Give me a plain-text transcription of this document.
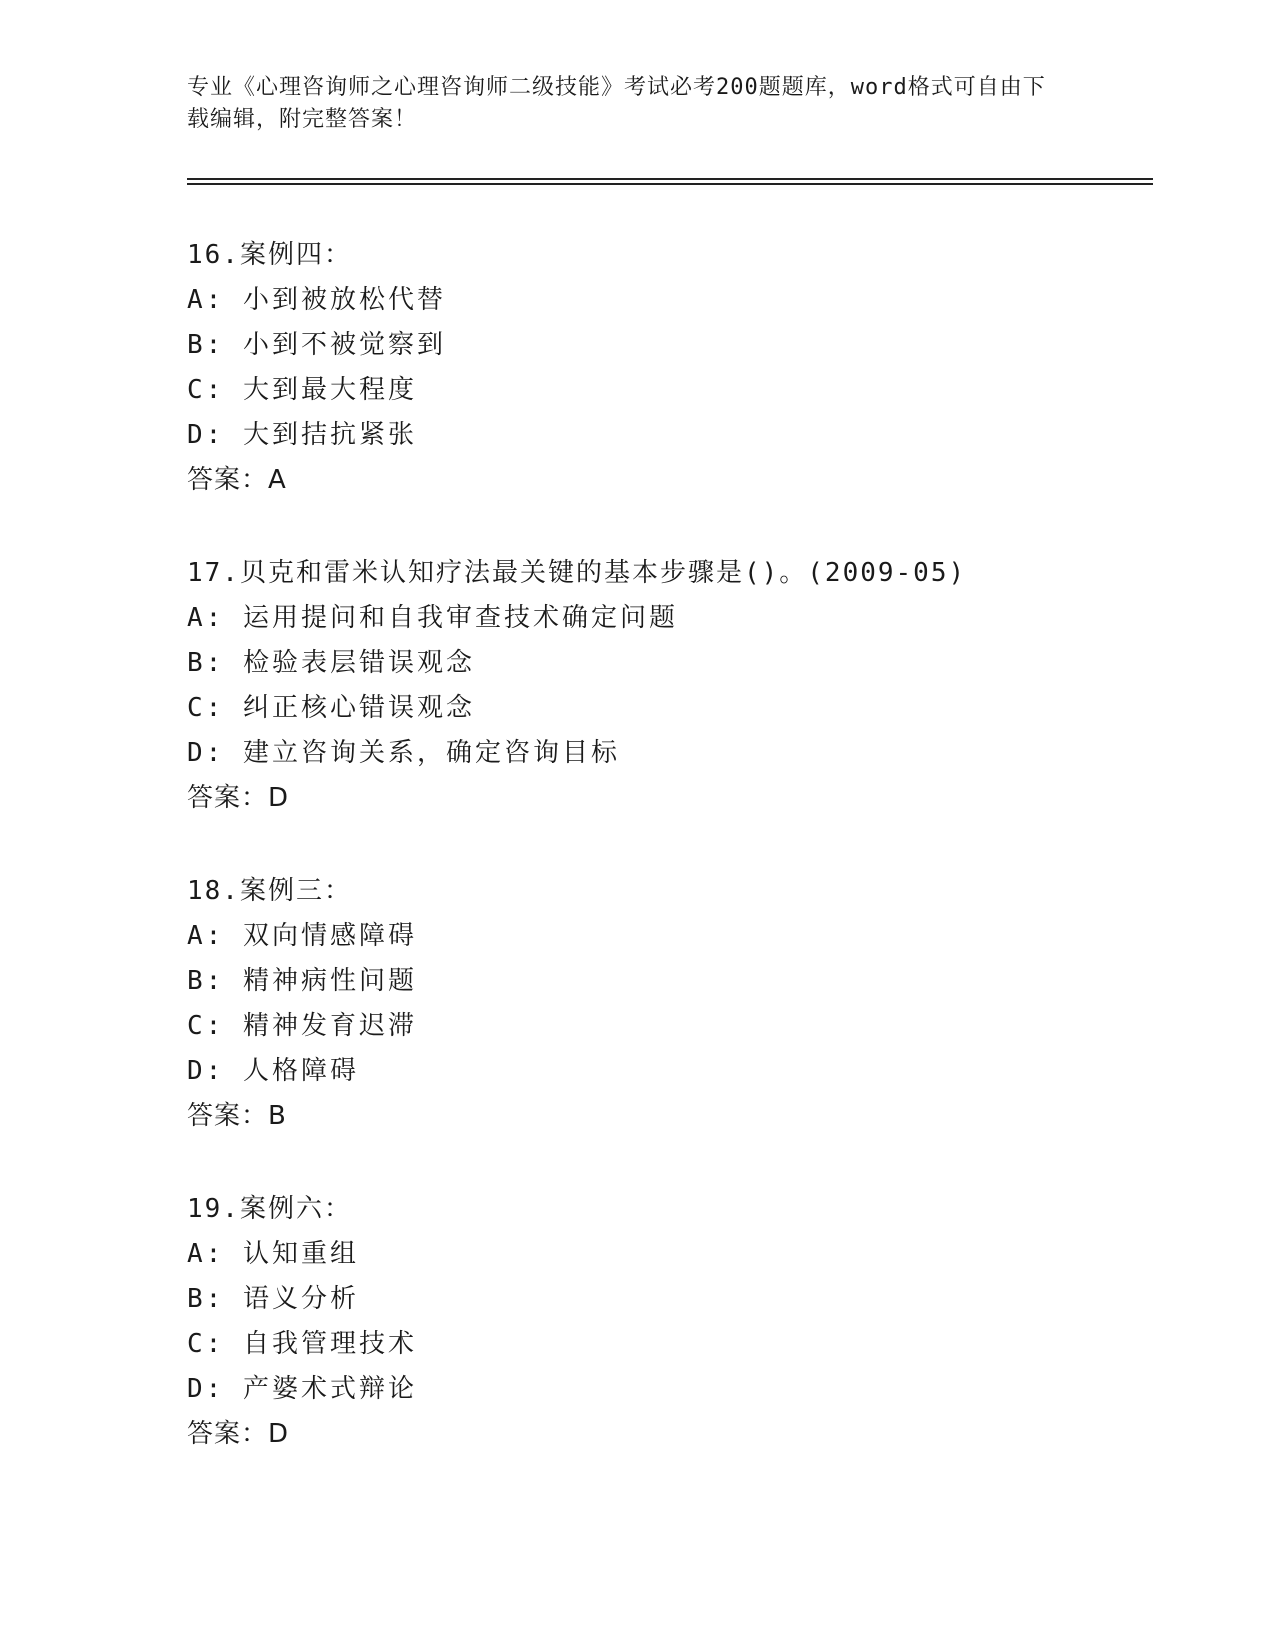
专业《心理咨询师之心理咨询师二级技能》考试必考200题题库，word格式可自由下载编辑，附完整答案！
16.案例四：
A: 小到被放松代替
B: 小到不被觉察到
C: 大到最大程度
D: 大到拮抗紧张
答案：A
17.贝克和雷米认知疗法最关键的基本步骤是()。(2009-05)
A: 运用提问和自我审查技术确定问题
B: 检验表层错误观念
C: 纠正核心错误观念
D: 建立咨询关系，确定咨询目标
答案：D
18.案例三：
A: 双向情感障碍
B: 精神病性问题
C: 精神发育迟滞
D: 人格障碍
答案：B
19.案例六：
A: 认知重组
B: 语义分析
C: 自我管理技术
D: 产婆术式辩论
答案：D
